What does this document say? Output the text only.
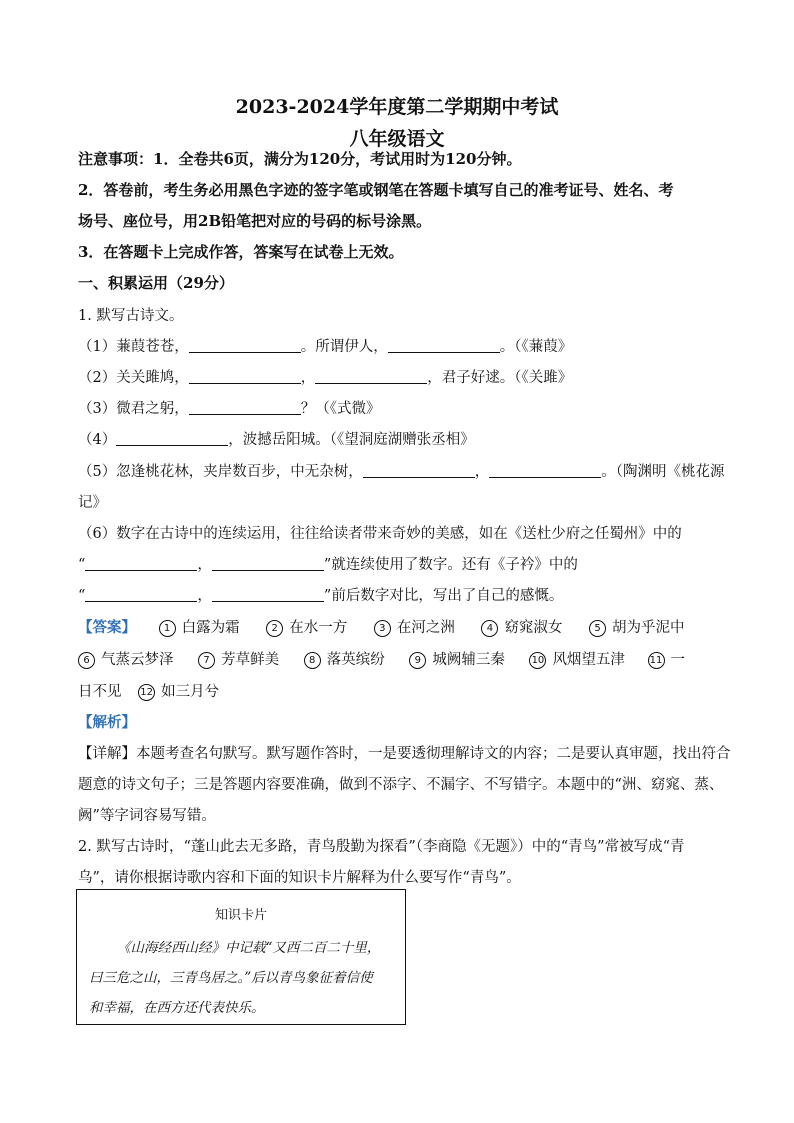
2023-2024学年度第二学期期中考试
八年级语文
注意事项：1．全卷共6页，满分为120分，考试用时为120分钟。
2．答卷前，考生务必用黑色字迹的签字笔或钢笔在答题卡填写自己的准考证号、姓名、考
场号、座位号，用2B铅笔把对应的号码的标号涂黑。
3．在答题卡上完成作答，答案写在试卷上无效。
一、积累运用（29分）
1. 默写古诗文。
（1）蒹葭苍苍，	。所谓伊人，	。（《蒹葭》
（2）关关雎鸠，	，	，君子好逑。（《关雎》
（3）微君之躬，	？（《式微》
（4）	，波撼岳阳城。（《望洞庭湖赠张丞相》
（5）忽逢桃花林，夹岸数百步，中无杂树，	，	。（陶渊明《桃花源
记》
（6）数字在古诗中的连续运用，往往给读者带来奇妙的美感，如在《送杜少府之任蜀州》中的
“	，	”就连续使用了数字。还有《子衿》中的
“	，	”前后数字对比，写出了自己的感慨。
【答案】	1 白露为霜	2 在水一方	3 在河之洲	4 窈窕淑女	5 胡为乎泥中
6 气蒸云梦泽	7 芳草鲜美	8 落英缤纷	9 城阙辅三秦	10 风烟望五津 11 一
日不见 12 如三月兮
【解析】
【详解】本题考查名句默写。默写题作答时，一是要透彻理解诗文的内容；二是要认真审题，找出符合
题意的诗文句子；三是答题内容要准确，做到不添字、不漏字、不写错字。本题中的“洲、窈窕、蒸、
阙”等字词容易写错。
2. 默写古诗时，“蓬山此去无多路，青鸟殷勤为探看”（李商隐《无题》）中的“青鸟”常被写成“青
乌”，请你根据诗歌内容和下面的知识卡片解释为什么要写作“青鸟”。
知识卡片
《山海经西山经》中记载“又西二百二十里，
曰三危之山，三青鸟居之。”后以青鸟象征着信使
和幸福，在西方还代表快乐。
